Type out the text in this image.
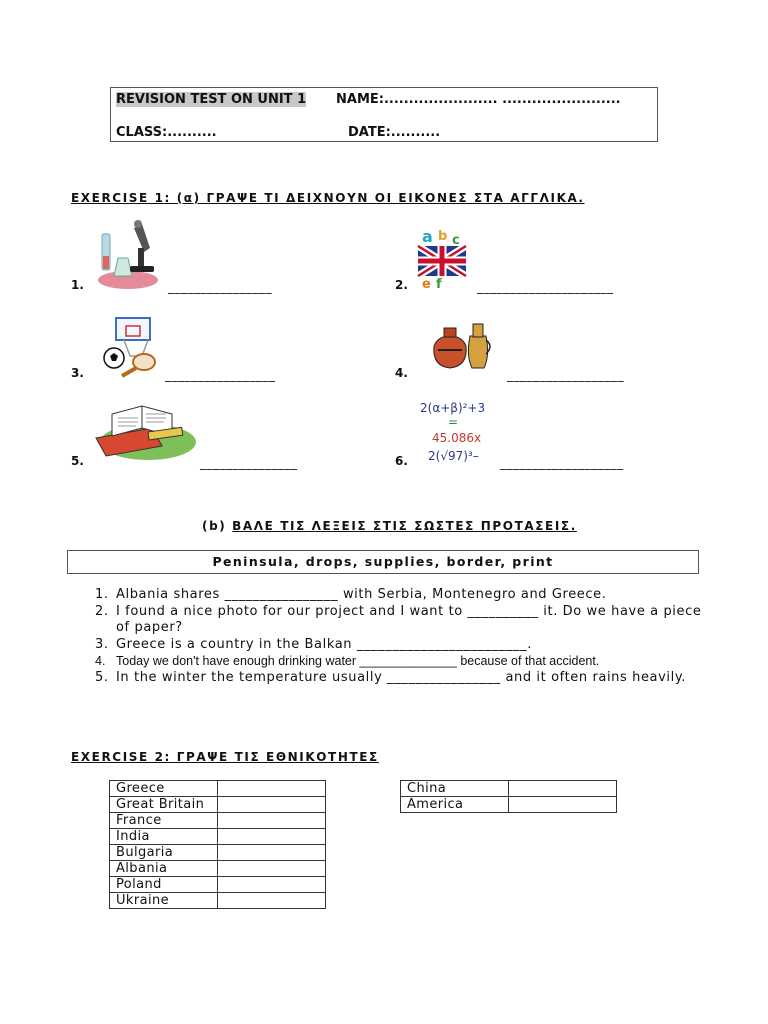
REVISION TEST ON UNIT 1 NAME:....................... ........................
CLASS:..........	DATE:..........
EXERCISE 1: (α) ΓΡΑΨΕ ΤΙ ΔΕΙΧΝΟΥΝ ΟΙ ΕΙΚΟΝΕΣ ΣΤΑ ΑΓΓΛΙΚΑ.
1.	________________	2.
a b c
e f	_____________________
3.	_________________	4.	__________________
5.	_______________	6.
2(α+β)²+3
=
45.086x
2(√97)³– ___________________
(b) ΒΑΛΕ ΤΙΣ ΛΕΞΕΙΣ ΣΤΙΣ ΣΩΣΤΕΣ ΠΡΟΤΑΣΕΙΣ.
Peninsula, drops, supplies, border, print
1. Albania shares ________________ with Serbia, Montenegro and Greece.
2. I found a nice photo for our project and I want to __________ it. Do we have a piece of paper?
3. Greece is a country in the Balkan ________________________.
4. Today we don't have enough drinking water ______________ because of that accident.
5. In the winter the temperature usually ________________ and it often rains heavily.
EXERCISE 2: ΓΡΑΨΕ ΤΙΣ ΕΘΝΙΚΟΤΗΤΕΣ
Greece	
Great Britain	
France	
India	
Bulgaria	
Albania	
Poland	
Ukraine	
China	
America	
